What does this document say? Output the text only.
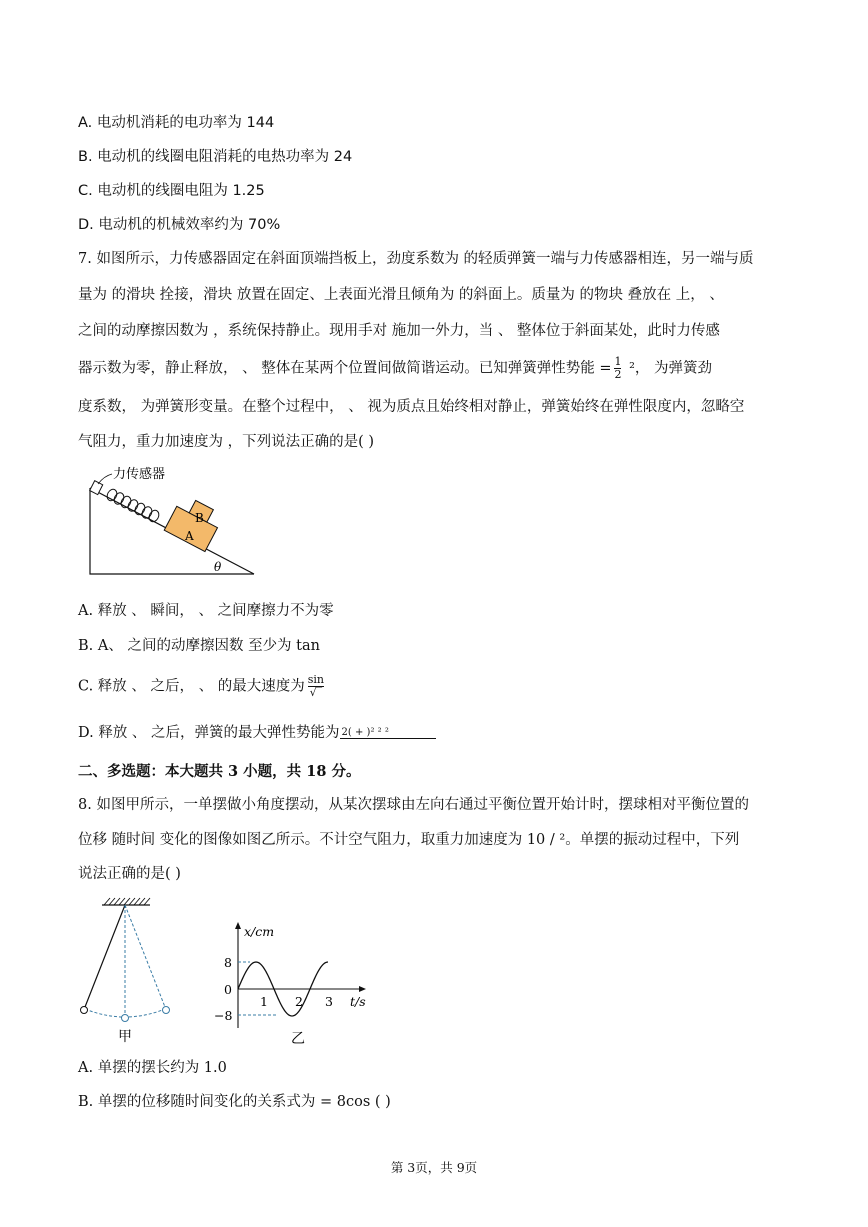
A. 电动机消耗的电功率为 144
B. 电动机的线圈电阻消耗的电热功率为 24
C. 电动机的线圈电阻为 1.25
D. 电动机的机械效率约为 70%
7. 如图所示，力传感器固定在斜面顶端挡板上，劲度系数为 的轻质弹簧一端与力传感器相连，另一端与质
量为 的滑块 拴接，滑块 放置在固定、上表面光滑且倾角为 的斜面上。质量为 的物块 叠放在 上， 、
之间的动摩擦因数为 ，系统保持静止。现用手对 施加一外力，当 、 整体位于斜面某处，此时力传感
器示数为零，静止释放， 、 整体在某两个位置间做简谐运动。已知弹簧弹性势能 = $\frac{1}{2} ^2$， 为弹簧劲
度系数， 为弹簧形变量。在整个过程中， 、 视为质点且始终相对静止，弹簧始终在弹性限度内，忽略空
气阻力，重力加速度为 ，下列说法正确的是( )
力传感器
B
A
θ
A. 释放 、 瞬间， 、 之间摩擦力不为零
B. A、 之间的动摩擦因数 至少为 tan
C. 释放 、 之后， 、 的最大速度为 $\frac{\sin}{√‾}$
D. 释放 、 之后，弹簧的最大弹性势能为 2( + )² ² ²
二、多选题：本大题共 3 小题，共 18 分。
8. 如图甲所示，一单摆做小角度摆动，从某次摆球由左向右通过平衡位置开始计时，摆球相对平衡位置的
位移 随时间 变化的图像如图乙所示。不计空气阻力，取重力加速度为 10 / ²。单摆的振动过程中，下列
说法正确的是( )
甲
x/cm
t/s
8
0
−8
1 2 3
乙
A. 单摆的摆长约为 1.0
B. 单摆的位移随时间变化的关系式为 = 8cos ( )
第 3页，共 9页
